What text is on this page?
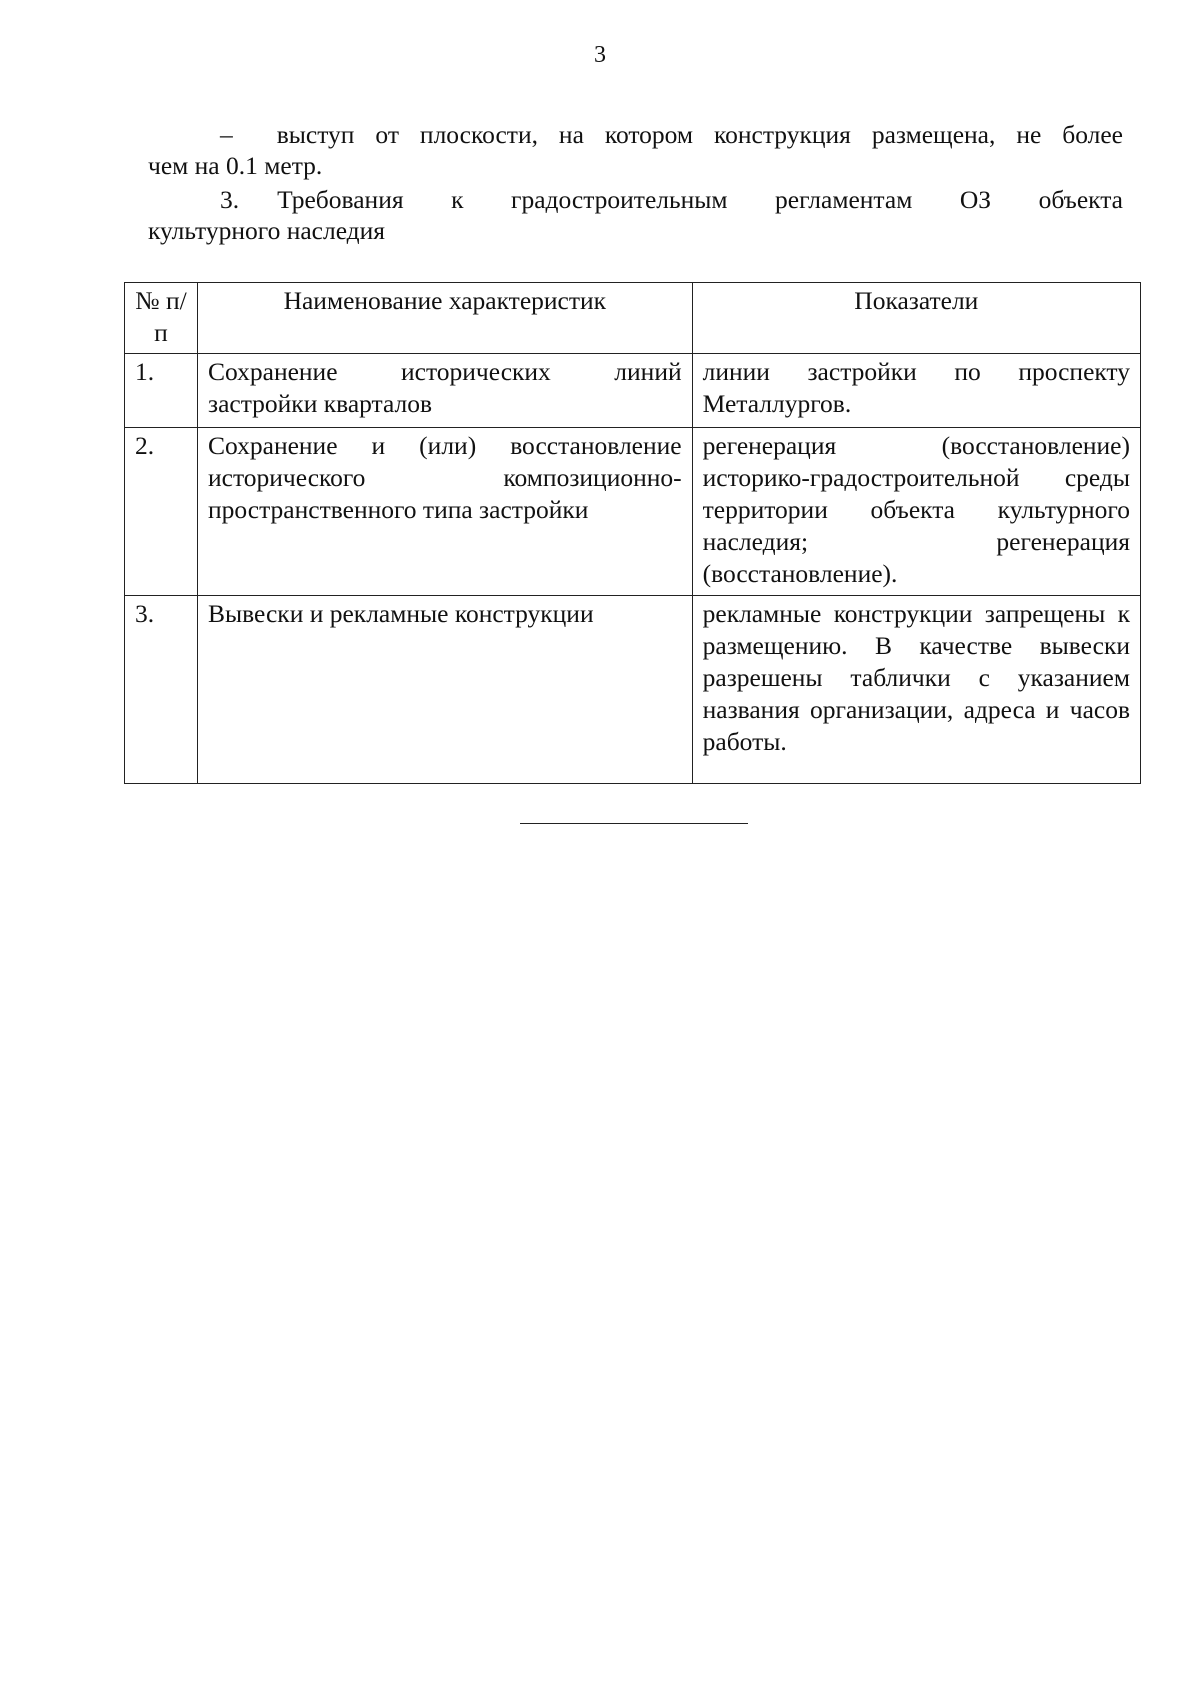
3
– выступ от плоскости, на котором конструкция размещена, не более
чем на 0.1 метр.
3. Требования к градостроительным регламентам ОЗ объекта
культурного наследия
№ п/п	Наименование характеристик	Показатели
1.	Сохранение исторических линий застройки кварталов	линии застройки по проспекту Металлургов.
2.	Сохранение и (или) восстановление исторического композиционно-пространственного типа застройки	регенерация (восстановление) историко-градостроительной среды территории объекта культурного наследия; регенерация (восстановление).
3.	Вывески и рекламные конструкции	рекламные конструкции запрещены к размещению. В качестве вывески разрешены таблички с указанием названия организации, адреса и часов работы.
